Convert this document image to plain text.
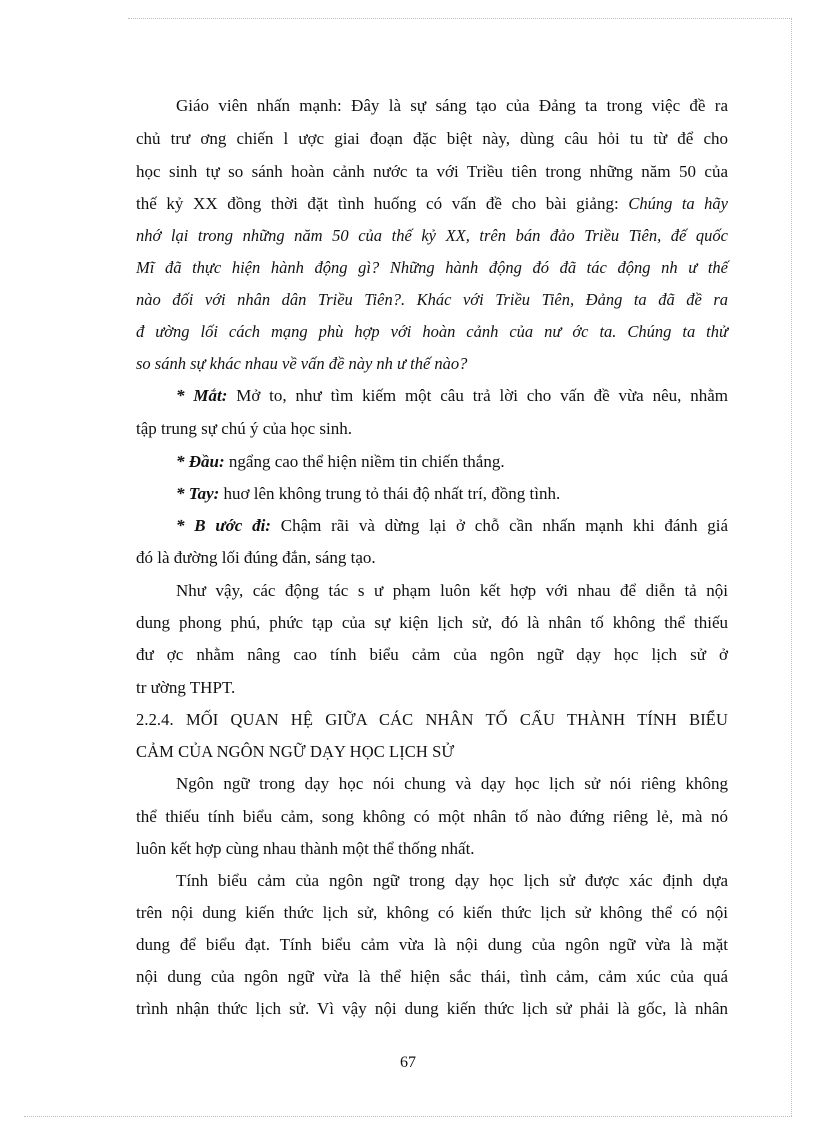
Giáo viên nhấn mạnh: Đây là sự sáng tạo của Đảng ta trong việc đề ra
chủ trư ơng chiến l ược giai đoạn đặc biệt này, dùng câu hỏi tu từ để cho
học sinh tự so sánh hoàn cảnh nước ta với Triều tiên trong những năm 50 của
thế kỷ XX đồng thời đặt tình huống có vấn đề cho bài giảng: Chúng ta hãy
nhớ lại trong những năm 50 của thế kỷ XX, trên bán đảo Triều Tiên, đế quốc
Mĩ đã thực hiện hành động gì? Những hành động đó đã tác động nh ư thế
nào đối với nhân dân Triều Tiên?. Khác với Triều Tiên, Đảng ta đã đề ra
đ ường lối cách mạng phù hợp với hoàn cảnh của nư ớc ta. Chúng ta thử
so sánh sự khác nhau về vấn đề này nh ư thế nào?
* Mắt: Mở to, như tìm kiếm một câu trả lời cho vấn đề vừa nêu, nhằm
tập trung sự chú ý của học sinh.
* Đầu: ngẩng cao thể hiện niềm tin chiến thắng.
* Tay: huơ lên không trung tỏ thái độ nhất trí, đồng tình.
* B ước đi: Chậm rãi và dừng lại ở chỗ cần nhấn mạnh khi đánh giá
đó là đường lối đúng đắn, sáng tạo.
Như vậy, các động tác s ư phạm luôn kết hợp với nhau để diễn tả nội
dung phong phú, phức tạp của sự kiện lịch sử, đó là nhân tố không thể thiếu
đư ợc nhằm nâng cao tính biểu cảm của ngôn ngữ dạy học lịch sử ở
tr ường THPT.
2.2.4. MỐI QUAN HỆ GIỮA CÁC NHÂN TỐ CẤU THÀNH TÍNH BIỂU
CẢM CỦA NGÔN NGỮ DẠY HỌC LỊCH SỬ
Ngôn ngữ trong dạy học nói chung và dạy học lịch sử nói riêng không
thể thiếu tính biểu cảm, song không có một nhân tố nào đứng riêng lẻ, mà nó
luôn kết hợp cùng nhau thành một thể thống nhất.
Tính biểu cảm của ngôn ngữ trong dạy học lịch sử được xác định dựa
trên nội dung kiến thức lịch sử, không có kiến thức lịch sử không thể có nội
dung để biểu đạt. Tính biểu cảm vừa là nội dung của ngôn ngữ vừa là mặt
nội dung của ngôn ngữ vừa là thể hiện sắc thái, tình cảm, cảm xúc của quá
trình nhận thức lịch sử. Vì vậy nội dung kiến thức lịch sử phải là gốc, là nhân
67
